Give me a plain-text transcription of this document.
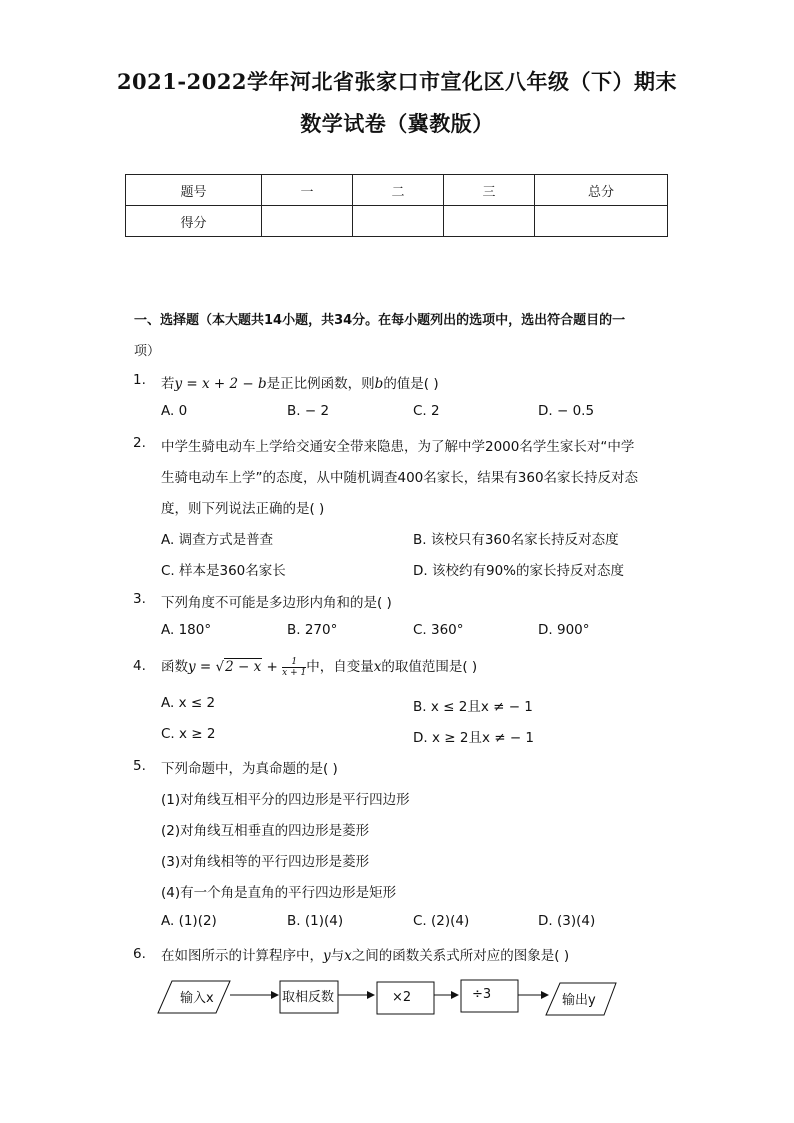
2021-2022学年河北省张家口市宣化区八年级（下）期末
数学试卷（冀教版）
题号	一	二	三	总分
得分				
一、选择题（本大题共14小题，共34分。在每小题列出的选项中，选出符合题目的一
项）
1. 若y = x + 2 − b是正比例函数，则b的值是( )
A. 0	B. − 2	C. 2	D. − 0.5
2. 中学生骑电动车上学给交通安全带来隐患，为了解中学2000名学生家长对“中学
生骑电动车上学”的态度，从中随机调查400名家长，结果有360名家长持反对态
度，则下列说法正确的是( )
A. 调查方式是普查	B. 该校只有360名家长持反对态度
C. 样本是360名家长	D. 该校约有90%的家长持反对态度
3. 下列角度不可能是多边形内角和的是( )
A. 180°	B. 270°	C. 360°	D. 900°
4. 函数$y = √2 - x + \frac{1}{x + 1}$ 中，自变量x的取值范围是( )
A. x ≤ 2	B. x ≤ 2且x ≠ − 1
C. x ≥ 2	D. x ≥ 2且x ≠ − 1
5. 下列命题中，为真命题的是( )
(1)对角线互相平分的四边形是平行四边形
(2)对角线互相垂直的四边形是菱形
(3)对角线相等的平行四边形是菱形
(4)有一个角是直角的平行四边形是矩形
A. (1)(2)	B. (1)(4)	C. (2)(4)	D. (3)(4)
6. 在如图所示的计算程序中，y与x之间的函数关系式所对应的图象是( )
输入x	取相反数	×2	÷3	输出y
